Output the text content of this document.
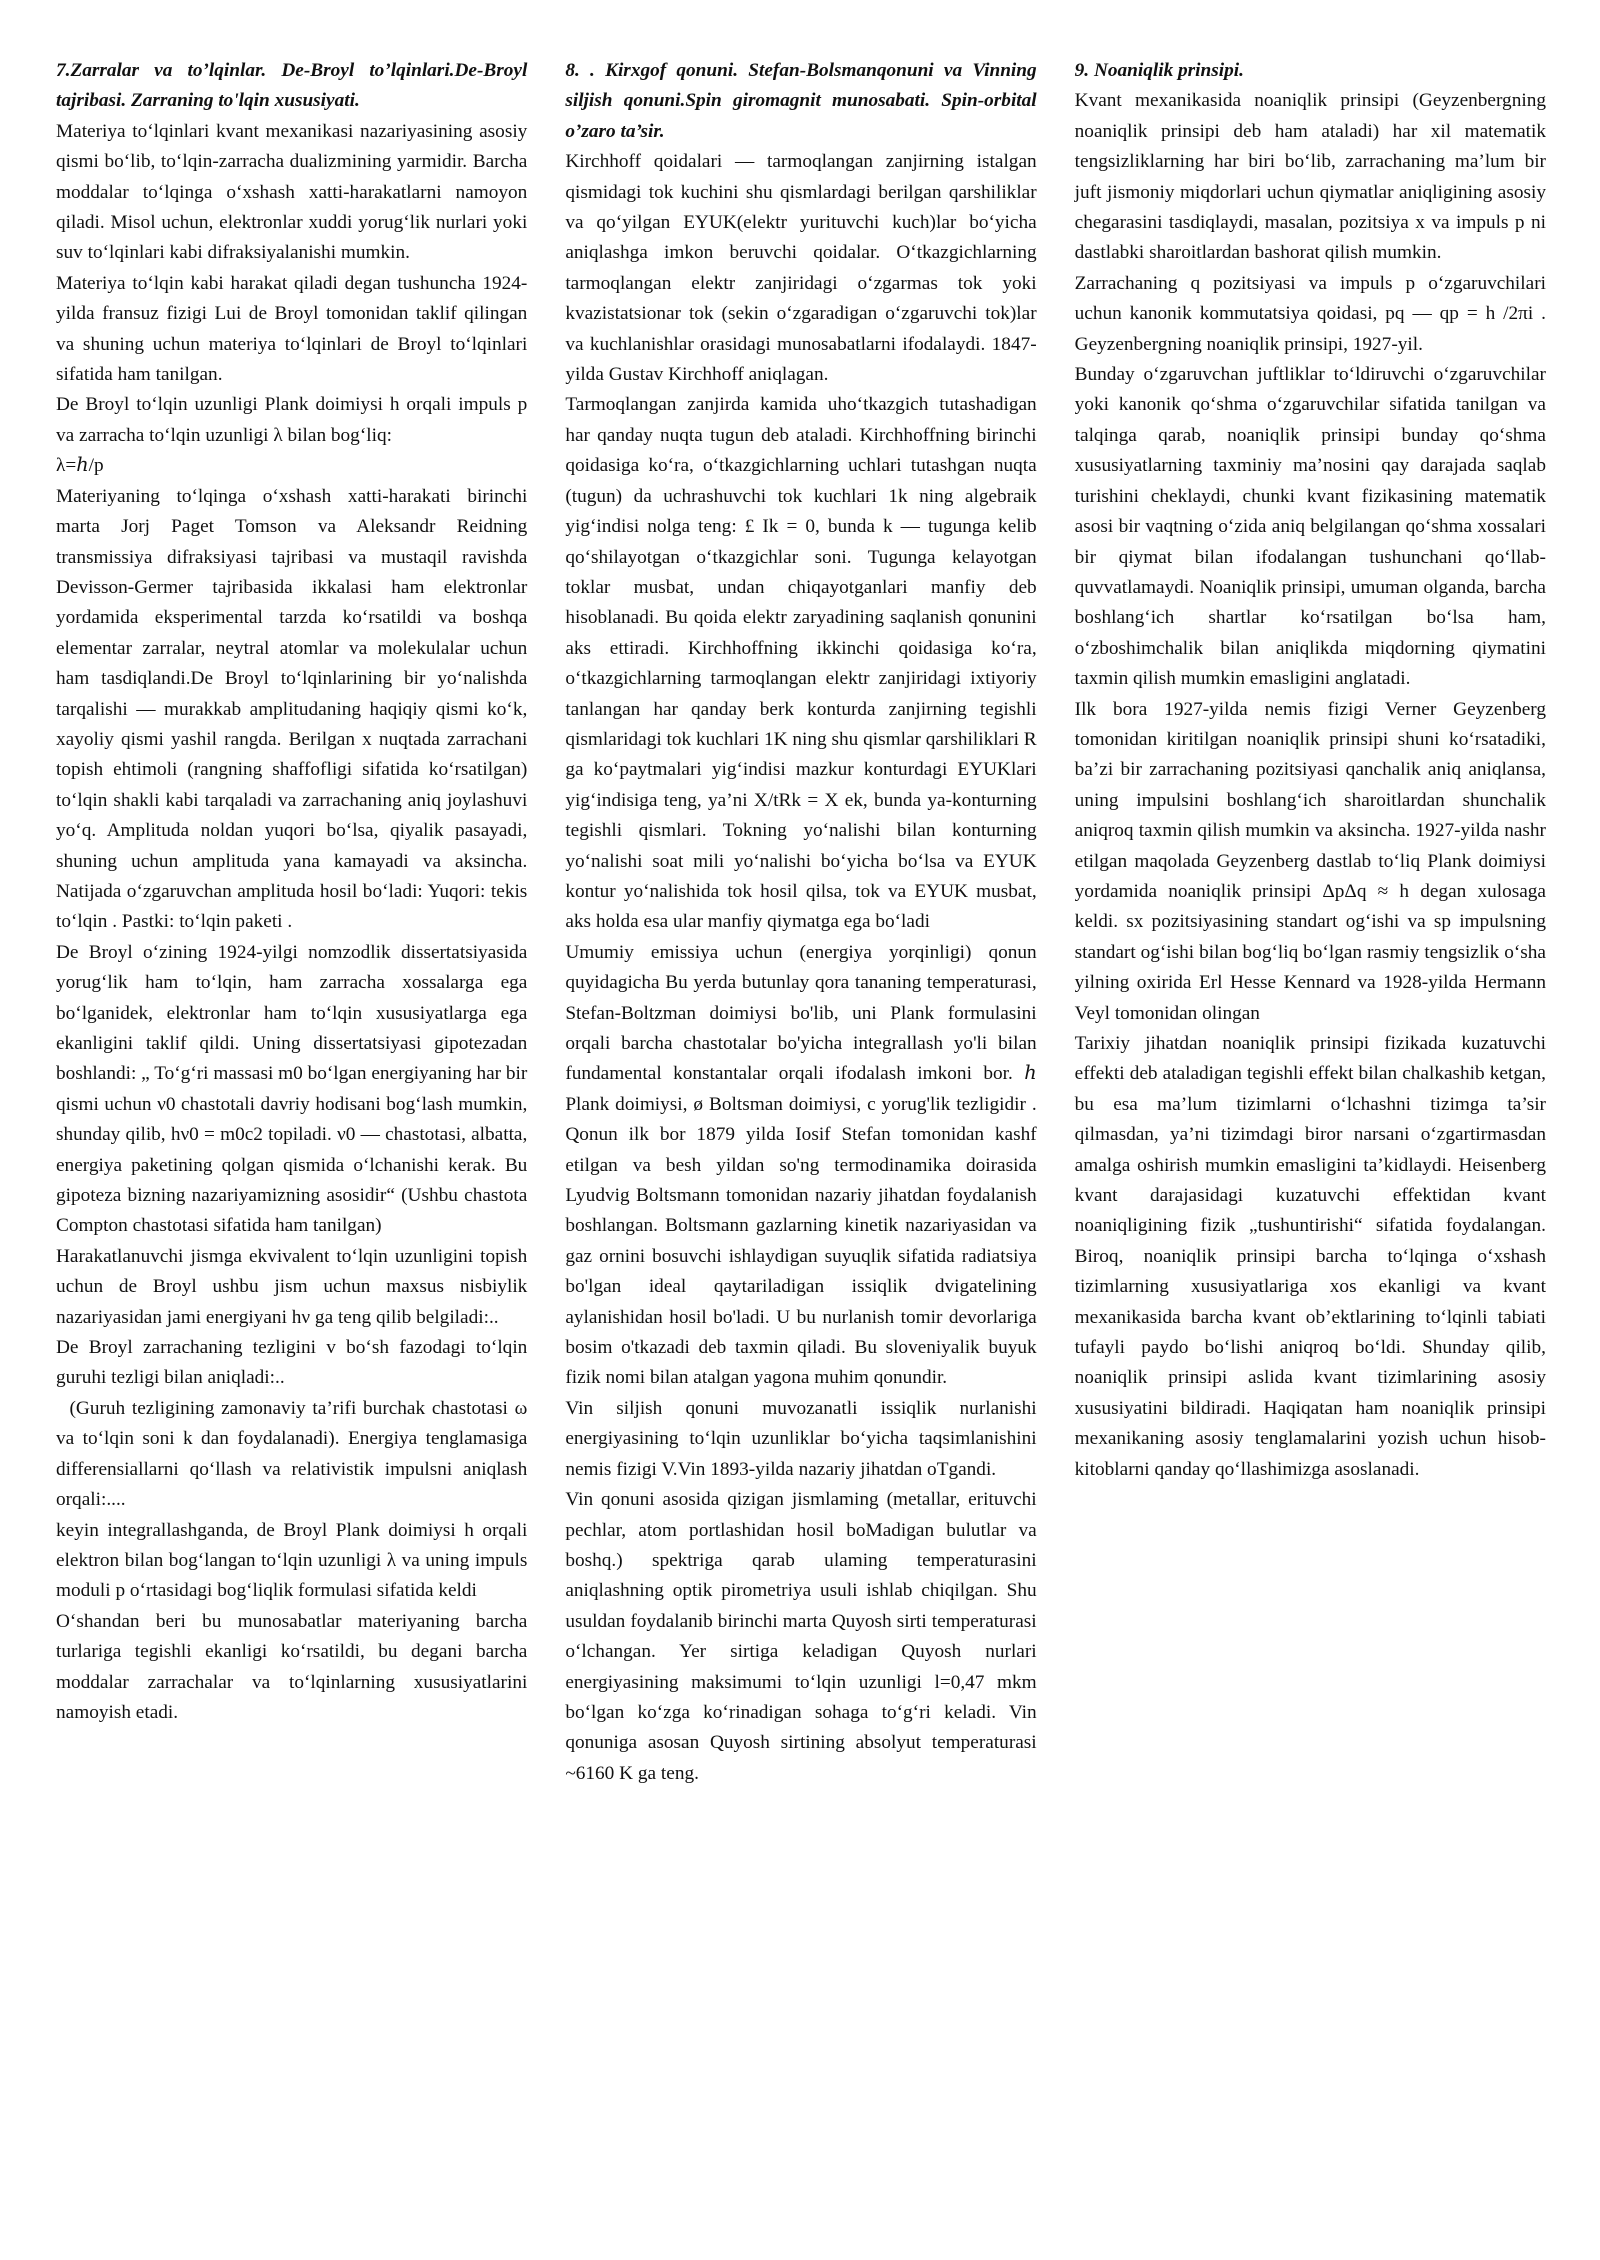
7.Zarralar va to’lqinlar. De-Broyl to’lqinlari.De-Broyl tajribasi. Zarraning to'lqin xususiyati.

Materiya to‘lqinlari kvant mexanikasi nazariyasining asosiy qismi bo‘lib, to‘lqin-zarracha dualizmining yarmidir. Barcha moddalar to‘lqinga o‘xshash xatti-harakatlarni namoyon qiladi. Misol uchun, elektronlar xuddi yorug‘lik nurlari yoki suv to‘lqinlari kabi difraksiyalanishi mumkin.

Materiya to‘lqin kabi harakat qiladi degan tushuncha 1924-yilda fransuz fizigi Lui de Broyl tomonidan taklif qilingan va shuning uchun materiya to‘lqinlari de Broyl to‘lqinlari sifatida ham tanilgan.

De Broyl to‘lqin uzunligi Plank doimiysi h orqali impuls p va zarracha to‘lqin uzunligi λ bilan bog‘liq:

λ=ℎ/p

Materiyaning to‘lqinga o‘xshash xatti-harakati birinchi marta Jorj Paget Tomson va Aleksandr Reidning transmissiya difraksiyasi tajribasi va mustaqil ravishda Devisson-Germer tajribasida ikkalasi ham elektronlar yordamida eksperimental tarzda ko‘rsatildi va boshqa elementar zarralar, neytral atomlar va molekulalar uchun ham tasdiqlandi.De Broyl to‘lqinlarining bir yo‘nalishda tarqalishi — murakkab amplitudaning haqiqiy qismi ko‘k, xayoliy qismi yashil rangda. Berilgan x nuqtada zarrachani topish ehtimoli (rangning shaffofligi sifatida ko‘rsatilgan) to‘lqin shakli kabi tarqaladi va zarrachaning aniq joylashuvi yo‘q. Amplituda noldan yuqori bo‘lsa, qiyalik pasayadi, shuning uchun amplituda yana kamayadi va aksincha. Natijada o‘zgaruvchan amplituda hosil bo‘ladi: Yuqori: tekis to‘lqin . Pastki: to‘lqin paketi .

De Broyl o‘zining 1924-yilgi nomzodlik dissertatsiyasida yorug‘lik ham to‘lqin, ham zarracha xossalarga ega bo‘lganidek, elektronlar ham to‘lqin xususiyatlarga ega ekanligini taklif qildi. Uning dissertatsiyasi gipotezadan boshlandi: „ To‘g‘ri massasi m0 bo‘lgan energiyaning har bir qismi uchun ν0 chastotali davriy hodisani bog‘lash mumkin, shunday qilib, hν0 = m0c2 topiladi. ν0 — chastotasi, albatta, energiya paketining qolgan qismida o‘lchanishi kerak. Bu gipoteza bizning nazariyamizning asosidir“ (Ushbu chastota Compton chastotasi sifatida ham tanilgan)

Harakatlanuvchi jismga ekvivalent to‘lqin uzunligini topish uchun de Broyl ushbu jism uchun maxsus nisbiylik nazariyasidan jami energiyani hν ga teng qilib belgiladi:..

De Broyl zarrachaning tezligini v bo‘sh fazodagi to‘lqin guruhi tezligi bilan aniqladi:..

(Guruh tezligining zamonaviy ta’rifi burchak chastotasi ω va to‘lqin soni k dan foydalanadi). Energiya tenglamasiga differensiallarni qo‘llash va relativistik impulsni aniqlash orqali:....

keyin integrallashganda, de Broyl Plank doimiysi h orqali elektron bilan bog‘langan to‘lqin uzunligi λ va uning impuls moduli p o‘rtasidagi bog‘liqlik formulasi sifatida keldi

O‘shandan beri bu munosabatlar materiyaning barcha turlariga tegishli ekanligi ko‘rsatildi, bu degani barcha moddalar zarrachalar va to‘lqinlarning xususiyatlarini namoyish etadi.

8. . Kirxgof qonuni. Stefan-Bolsmanqonuni va Vinning siljish qonuni.Spin giromagnit munosabati. Spin-orbital o’zaro ta’sir.

Kirchhoff qoidalari — tarmoqlangan zanjirning istalgan qismidagi tok kuchini shu qismlardagi berilgan qarshiliklar va qo‘yilgan EYUK(elektr yurituvchi kuch)lar bo‘yicha aniqlashga imkon beruvchi qoidalar. O‘tkazgichlarning tarmoqlangan elektr zanjiridagi o‘zgarmas tok yoki kvazistatsionar tok (sekin o‘zgaradigan o‘zgaruvchi tok)lar va kuchlanishlar orasidagi munosabatlarni ifodalaydi. 1847-yilda Gustav Kirchhoff aniqlagan.

Tarmoqlangan zanjirda kamida uho‘tkazgich tutashadigan har qanday nuqta tugun deb ataladi. Kirchhoffning birinchi qoidasiga ko‘ra, o‘tkazgichlarning uchlari tutashgan nuqta (tugun) da uchrashuvchi tok kuchlari 1k ning algebraik yig‘indisi nolga teng: £ Ik = 0, bunda k — tugunga kelib qo‘shilayotgan o‘tkazgichlar soni. Tugunga kelayotgan toklar musbat, undan chiqayotganlari manfiy deb hisoblanadi. Bu qoida elektr zaryadining saqlanish qonunini aks ettiradi. Kirchhoffning ikkinchi qoidasiga ko‘ra, o‘tkazgichlarning tarmoqlangan elektr zanjiridagi ixtiyoriy tanlangan har qanday berk konturda zanjirning tegishli qismlaridagi tok kuchlari 1K ning shu qismlar qarshiliklari R ga ko‘paytmalari yig‘indisi mazkur konturdagi EYUKlari yig‘indisiga teng, ya’ni X/tRk = X ek, bunda ya-konturning tegishli qismlari. Tokning yo‘nalishi bilan konturning yo‘nalishi soat mili yo‘nalishi bo‘yicha bo‘lsa va EYUK kontur yo‘nalishida tok hosil qilsa, tok va EYUK musbat, aks holda esa ular manfiy qiymatga ega bo‘ladi

Umumiy emissiya uchun (energiya yorqinligi) qonun quyidagicha Bu yerda butunlay qora tananing temperaturasi, Stefan-Boltzman doimiysi bo'lib, uni Plank formulasini orqali barcha chastotalar bo'yicha integrallash yo'li bilan fundamental konstantalar orqali ifodalash imkoni bor. ℎ Plank doimiysi, ø Boltsman doimiysi, c yorug'lik tezligidir . Qonun ilk bor 1879 yilda Iosif Stefan tomonidan kashf etilgan va besh yildan so'ng termodinamika doirasida Lyudvig Boltsmann tomonidan nazariy jihatdan foydalanish boshlangan. Boltsmann gazlarning kinetik nazariyasidan va gaz ornini bosuvchi ishlaydigan suyuqlik sifatida radiatsiya bo'lgan ideal qaytariladigan issiqlik dvigatelining aylanishidan hosil bo'ladi. U bu nurlanish tomir devorlariga bosim o'tkazadi deb taxmin qiladi. Bu sloveniyalik buyuk fizik nomi bilan atalgan yagona muhim qonundir.

Vin siljish qonuni muvozanatli issiqlik nurlanishi energiyasining to‘lqin uzunliklar bo‘yicha taqsimlanishini nemis fizigi V.Vin 1893-yilda nazariy jihatdan oTgandi.

Vin qonuni asosida qizigan jismlaming (metallar, erituvchi pechlar, atom portlashidan hosil boMadigan bulutlar va boshq.) spektriga qarab ulaming temperaturasini aniqlashning optik pirometriya usuli ishlab chiqilgan. Shu usuldan foydalanib birinchi marta Quyosh sirti temperaturasi o‘lchangan. Yer sirtiga keladigan Quyosh nurlari energiyasining maksimumi to‘lqin uzunligi l=0,47 mkm bo‘lgan ko‘zga ko‘rinadigan sohaga to‘g‘ri keladi. Vin qonuniga asosan Quyosh sirtining absolyut temperaturasi ~6160 K ga teng.

9. Noaniqlik prinsipi.

Kvant mexanikasida noaniqlik prinsipi (Geyzenbergning noaniqlik prinsipi deb ham ataladi) har xil matematik tengsizliklarning har biri bo‘lib, zarrachaning ma’lum bir juft jismoniy miqdorlari uchun qiymatlar aniqligining asosiy chegarasini tasdiqlaydi, masalan, pozitsiya x va impuls p ni dastlabki sharoitlardan bashorat qilish mumkin.

Zarrachaning q pozitsiyasi va impuls p o‘zgaruvchilari uchun kanonik kommutatsiya qoidasi, pq — qp = h /2πi . Geyzenbergning noaniqlik prinsipi, 1927-yil.

Bunday o‘zgaruvchan juftliklar to‘ldiruvchi o‘zgaruvchilar yoki kanonik qo‘shma o‘zgaruvchilar sifatida tanilgan va talqinga qarab, noaniqlik prinsipi bunday qo‘shma xususiyatlarning taxminiy ma’nosini qay darajada saqlab turishini cheklaydi, chunki kvant fizikasining matematik asosi bir vaqtning o‘zida aniq belgilangan qo‘shma xossalari bir qiymat bilan ifodalangan tushunchani qo‘llab-quvvatlamaydi. Noaniqlik prinsipi, umuman olganda, barcha boshlang‘ich shartlar ko‘rsatilgan bo‘lsa ham, o‘zboshimchalik bilan aniqlikda miqdorning qiymatini taxmin qilish mumkin emasligini anglatadi.

Ilk bora 1927-yilda nemis fizigi Verner Geyzenberg tomonidan kiritilgan noaniqlik prinsipi shuni ko‘rsatadiki, ba’zi bir zarrachaning pozitsiyasi qanchalik aniq aniqlansa, uning impulsini boshlang‘ich sharoitlardan shunchalik aniqroq taxmin qilish mumkin va aksincha. 1927-yilda nashr etilgan maqolada Geyzenberg dastlab to‘liq Plank doimiysi yordamida noaniqlik prinsipi ΔpΔq ≈ h degan xulosaga keldi. sx pozitsiyasining standart og‘ishi va sp impulsning standart og‘ishi bilan bog‘liq bo‘lgan rasmiy tengsizlik o‘sha yilning oxirida Erl Hesse Kennard va 1928-yilda Hermann Veyl tomonidan olingan

Tarixiy jihatdan noaniqlik prinsipi fizikada kuzatuvchi effekti deb ataladigan tegishli effekt bilan chalkashib ketgan, bu esa ma’lum tizimlarni o‘lchashni tizimga ta’sir qilmasdan, ya’ni tizimdagi biror narsani o‘zgartirmasdan amalga oshirish mumkin emasligini ta’kidlaydi. Heisenberg kvant darajasidagi kuzatuvchi effektidan kvant noaniqligining fizik „tushuntirishi“ sifatida foydalangan. Biroq, noaniqlik prinsipi barcha to‘lqinga o‘xshash tizimlarning xususiyatlariga xos ekanligi va kvant mexanikasida barcha kvant ob’ektlarining to‘lqinli tabiati tufayli paydo bo‘lishi aniqroq bo‘ldi. Shunday qilib, noaniqlik prinsipi aslida kvant tizimlarining asosiy xususiyatini bildiradi. Haqiqatan ham noaniqlik prinsipi mexanikaning asosiy tenglamalarini yozish uchun hisob-kitoblarni qanday qo‘llashimizga asoslanadi.
